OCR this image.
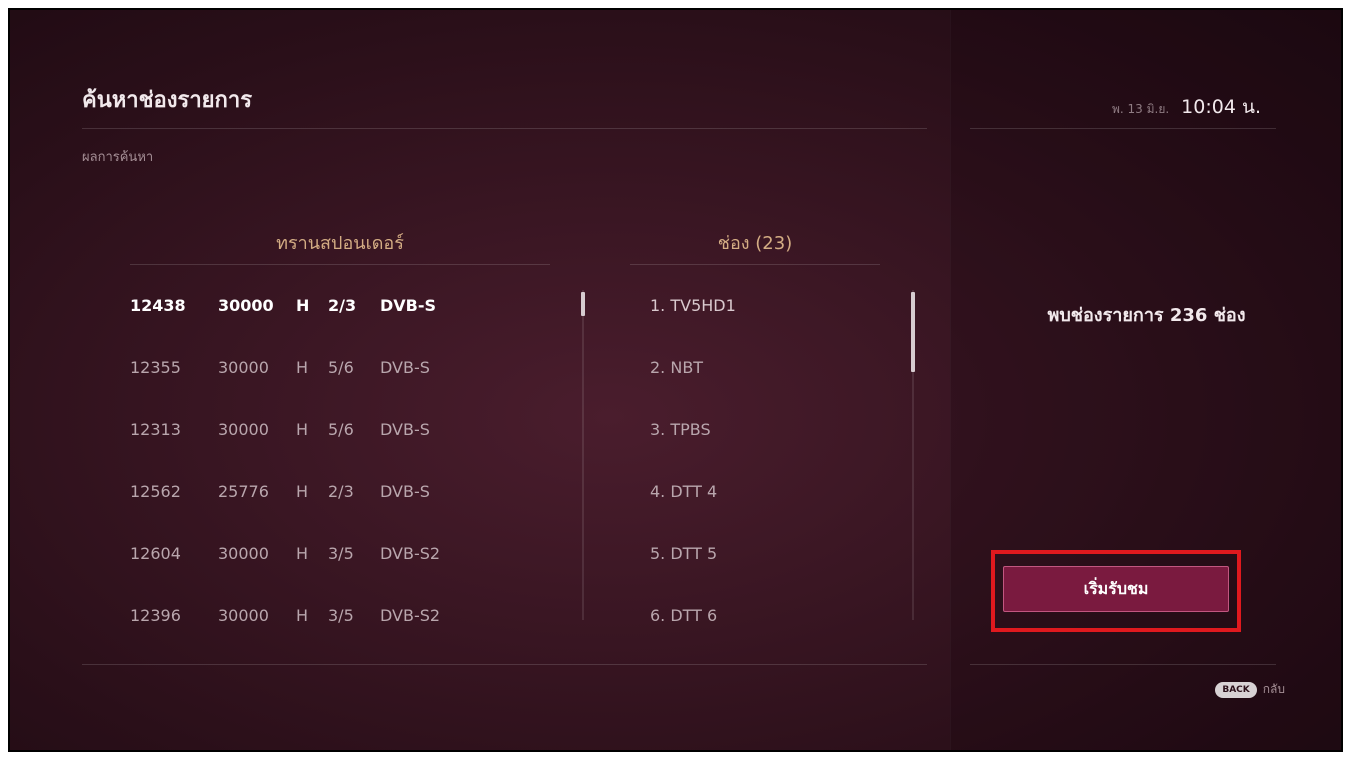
ค้นหาช่องรายการ
ผลการค้นหา
พ. 13 มิ.ย. 10:04 น.
ทรานสปอนเดอร์
12438	30000	H	2/3	DVB-S
12355	30000	H	5/6	DVB-S
12313	30000	H	5/6	DVB-S
12562	25776	H	2/3	DVB-S
12604	30000	H	3/5	DVB-S2
12396	30000	H	3/5	DVB-S2
ช่อง (23)
1. TV5HD1
2. NBT
3. TPBS
4. DTT 4
5. DTT 5
6. DTT 6
พบช่องรายการ 236 ช่อง
เริ่มรับชม
BACK	กลับ
